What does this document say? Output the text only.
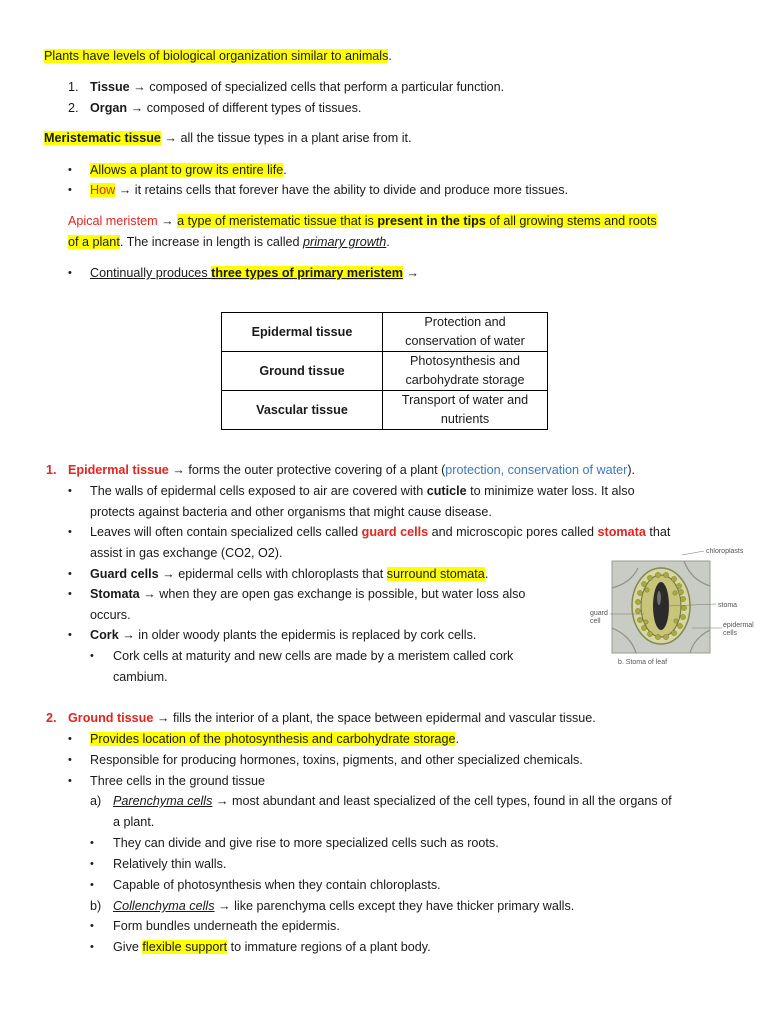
Plants have levels of biological organization similar to animals.
1. Tissue → composed of specialized cells that perform a particular function.
2. Organ → composed of different types of tissues.
Meristematic tissue → all the tissue types in a plant arise from it.
• Allows a plant to grow its entire life.
• How → it retains cells that forever have the ability to divide and produce more tissues.
Apical meristem → a type of meristematic tissue that is present in the tips of all growing stems and roots
of a plant. The increase in length is called primary growth.
• Continually produces three types of primary meristem →
Epidermal tissue	Protection and
conservation of water
Ground tissue	Photosynthesis and
carbohydrate storage
Vascular tissue	Transport of water and
nutrients
1. Epidermal tissue → forms the outer protective covering of a plant (protection, conservation of water).
• The walls of epidermal cells exposed to air are covered with cuticle to minimize water loss. It also
protects against bacteria and other organisms that might cause disease.
• Leaves will often contain specialized cells called guard cells and microscopic pores called stomata that
assist in gas exchange (CO2, O2).
• Guard cells → epidermal cells with chloroplasts that surround stomata.
• Stomata → when they are open gas exchange is possible, but water loss also
occurs.
• Cork → in older woody plants the epidermis is replaced by cork cells.
• Cork cells at maturity and new cells are made by a meristem called cork
cambium.
chloroplasts
stoma
guard
cell
epidermal
cells
b. Stoma of leaf
2. Ground tissue → fills the interior of a plant, the space between epidermal and vascular tissue.
• Provides location of the photosynthesis and carbohydrate storage.
• Responsible for producing hormones, toxins, pigments, and other specialized chemicals.
• Three cells in the ground tissue
a) Parenchyma cells → most abundant and least specialized of the cell types, found in all the organs of
a plant.
• They can divide and give rise to more specialized cells such as roots.
• Relatively thin walls.
• Capable of photosynthesis when they contain chloroplasts.
b) Collenchyma cells → like parenchyma cells except they have thicker primary walls.
• Form bundles underneath the epidermis.
• Give flexible support to immature regions of a plant body.
